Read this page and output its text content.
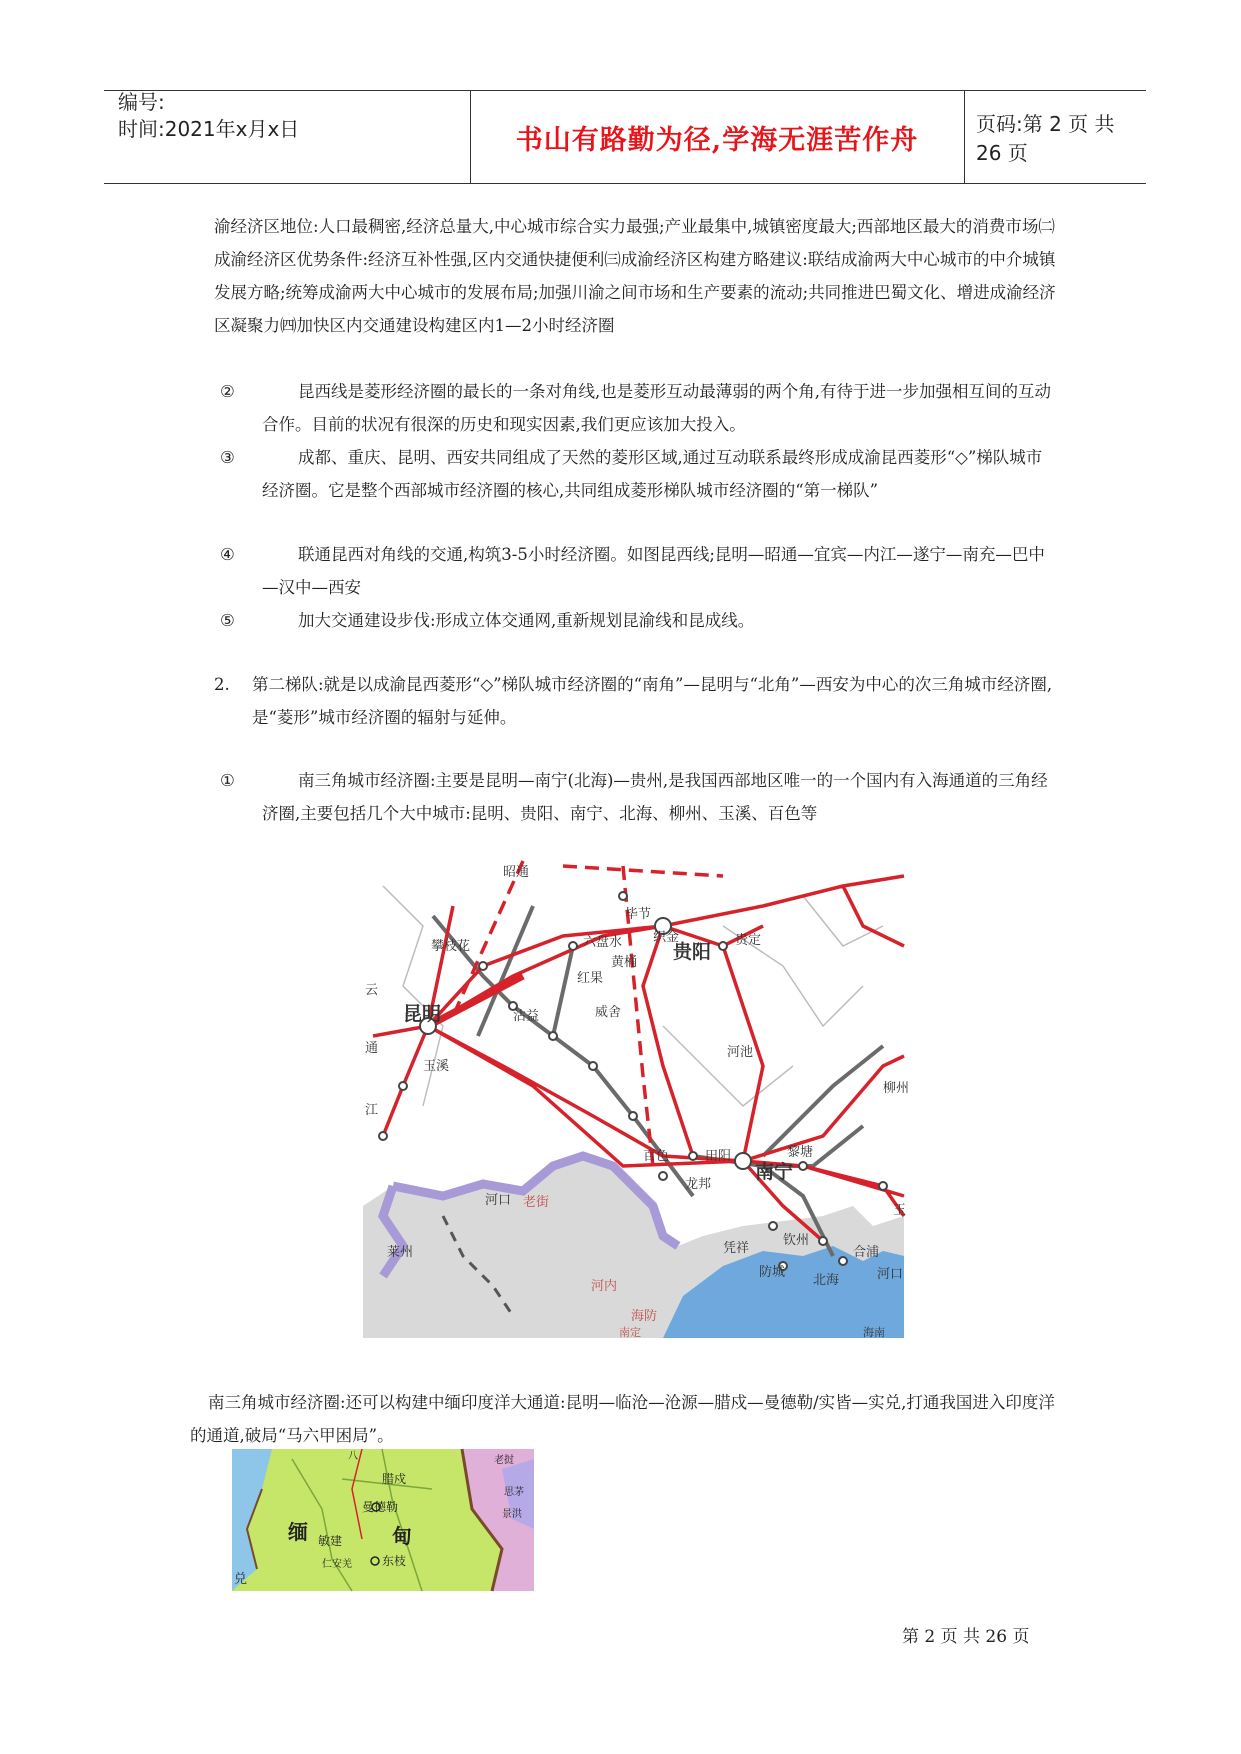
编号:
时间:2021年x月x日	书山有路勤为径,学海无涯苦作舟
页码:第 2 页 共 26 页
渝经济区地位:人口最稠密,经济总量大,中心城市综合实力最强;产业最集中,城镇密度最大;西部地区最大的消费市场㈡成渝经济区优势条件:经济互补性强,区内交通快捷便利㈢成渝经济区构建方略建议:联结成渝两大中心城市的中介城镇发展方略;统筹成渝两大中心城市的发展布局;加强川渝之间市场和生产要素的流动;共同推进巴蜀文化、增进成渝经济区凝聚力㈣加快区内交通建设构建区内1—2小时经济圈
②	昆西线是菱形经济圈的最长的一条对角线,也是菱形互动最薄弱的两个角,有待于进一步加强相互间的互动合作。目前的状况有很深的历史和现实因素,我们更应该加大投入。
③	成都、重庆、昆明、西安共同组成了天然的菱形区域,通过互动联系最终形成成渝昆西菱形“◇”梯队城市经济圈。它是整个西部城市经济圈的核心,共同组成菱形梯队城市经济圈的“第一梯队”
④	联通昆西对角线的交通,构筑3-5小时经济圈。如图昆西线;昆明—昭通—宜宾—内江—遂宁—南充—巴中—汉中—西安
⑤	加大交通建设步伐:形成立体交通网,重新规划昆渝线和昆成线。
2.	第二梯队:就是以成渝昆西菱形“◇”梯队城市经济圈的“南角”—昆明与“北角”—西安为中心的次三角城市经济圈,是“菱形”城市经济圈的辐射与延伸。
①	南三角城市经济圈:主要是昆明—南宁(北海)—贵州,是我国西部地区唯一的一个国内有入海通道的三角经济圈,主要包括几个大中城市:昆明、贵阳、南宁、北海、柳州、玉溪、百色等
南三角城市经济圈:还可以构建中缅印度洋大通道:昆明—临沧—沧源—腊戍—曼德勒/实皆—实兑,打通我国进入印度洋的通道,破局“马六甲困局”。
昭通
毕节
六盘水 织金
攀枝花	贵阳
贵定
黄桶
红果
昆明	沾益	威舍
云
通
玉溪
河池
柳州
江
百色	田阳
南宁
黎塘
龙邦
河口 老街
玉
凭祥
钦州
合浦
防城
北海	河口
莱州
河内
海防
南定	海南
八
腊戍
曼德勒
缅	甸
敏建
东枝
仁安羌
兑
老挝
思茅
景洪
第 2 页 共 26 页
